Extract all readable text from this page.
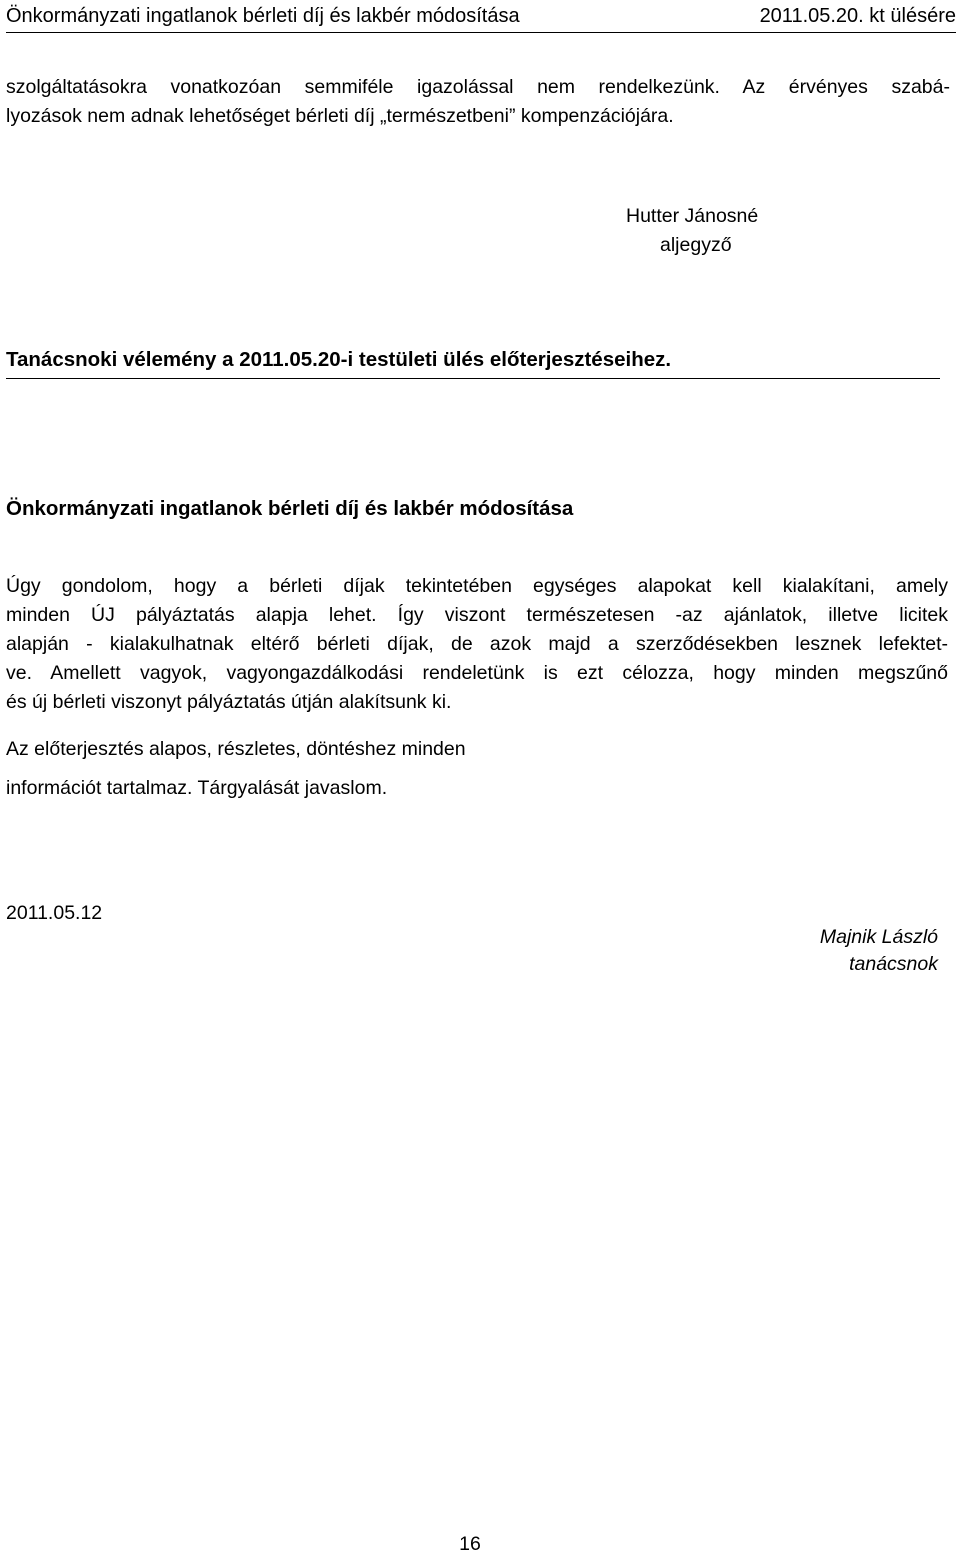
Önkormányzati ingatlanok bérleti díj és lakbér módosítása	2011.05.20. kt ülésére
szolgáltatásokra vonatkozóan semmiféle igazolással nem rendelkezünk. Az érvényes szabá-
lyozások nem adnak lehetőséget bérleti díj „természetbeni” kompenzációjára.
Hutter Jánosné
aljegyző
Tanácsnoki vélemény a 2011.05.20-i testületi ülés előterjesztéseihez.
Önkormányzati ingatlanok bérleti díj és lakbér módosítása
Úgy gondolom, hogy a bérleti díjak tekintetében egységes alapokat kell kialakítani, amely
minden ÚJ pályáztatás alapja lehet. Így viszont természetesen -az ajánlatok, illetve licitek
alapján - kialakulhatnak eltérő bérleti díjak, de azok majd a szerződésekben lesznek lefektet-
ve. Amellett vagyok, vagyongazdálkodási rendeletünk is ezt célozza, hogy minden megszűnő
és új bérleti viszonyt pályáztatás útján alakítsunk ki.
Az előterjesztés alapos, részletes, döntéshez minden
információt tartalmaz. Tárgyalását javaslom.
2011.05.12
Majnik László
tanácsnok
16
